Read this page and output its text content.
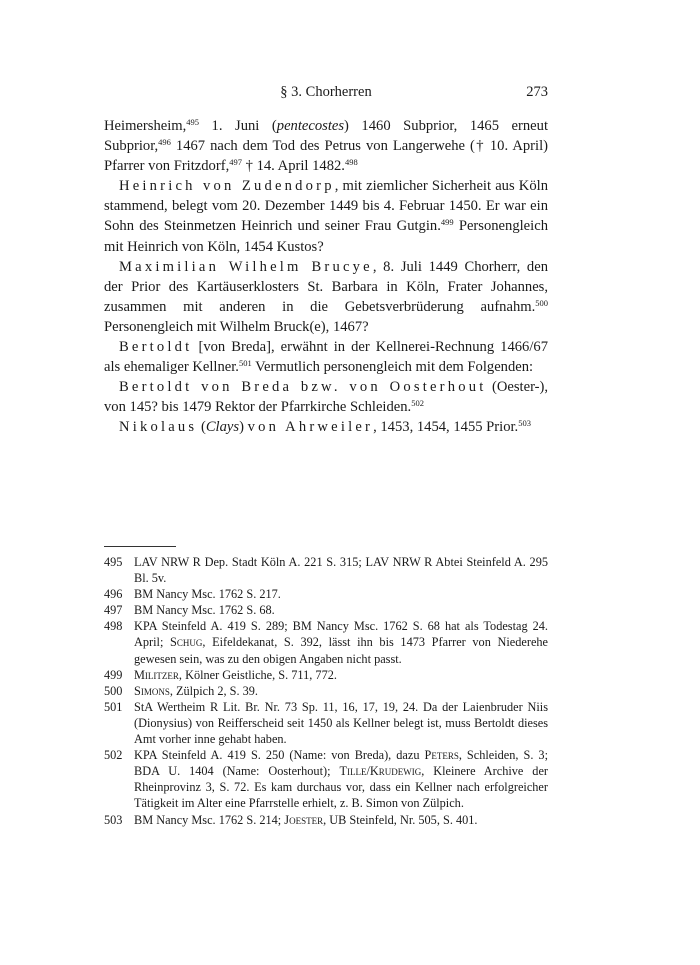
§ 3. Chorherren	273

Heimersheim,$^{495}$ 1. Juni (pentecostes) 1460 Subprior, 1465 erneut Subprior,$^{496}$ 1467 nach dem Tod des Petrus von Langerwehe († 10. April) Pfarrer von Fritzdorf,$^{497}$ † 14. April 1482.$^{498}$

Heinrich von Zudendorp, mit ziemlicher Sicherheit aus Köln stammend, belegt vom 20. Dezember 1449 bis 4. Februar 1450. Er war ein Sohn des Steinmetzen Heinrich und seiner Frau Gutgin.$^{499}$ Personengleich mit Heinrich von Köln, 1454 Kustos?

Maximilian Wilhelm Brucye, 8. Juli 1449 Chorherr, den der Prior des Kartäuserklosters St. Barbara in Köln, Frater Johannes, zusammen mit anderen in die Gebetsverbrüderung aufnahm.$^{500}$ Personengleich mit Wilhelm Bruck(e), 1467?

Bertoldt [von Breda], erwähnt in der Kellnerei-Rechnung 1466/67 als ehemaliger Kellner.$^{501}$ Vermutlich personengleich mit dem Folgenden:

Bertoldt von Breda bzw. von Oosterhout (Oester-), von 145? bis 1479 Rektor der Pfarrkirche Schleiden.$^{502}$

Nikolaus (Clays) von Ahrweiler, 1453, 1454, 1455 Prior.$^{503}$

495 LAV NRW R Dep. Stadt Köln A. 221 S. 315; LAV NRW R Abtei Steinfeld A. 295 Bl. 5v.
496 BM Nancy Msc. 1762 S. 217.
497 BM Nancy Msc. 1762 S. 68.
498 KPA Steinfeld A. 419 S. 289; BM Nancy Msc. 1762 S. 68 hat als Todestag 24. April; Schug, Eifeldekanat, S. 392, lässt ihn bis 1473 Pfarrer von Niederehe gewesen sein, was zu den obigen Angaben nicht passt.
499 Militzer, Kölner Geistliche, S. 711, 772.
500 Simons, Zülpich 2, S. 39.
501 StA Wertheim R Lit. Br. Nr. 73 Sp. 11, 16, 17, 19, 24. Da der Laienbruder Niis (Dionysius) von Reifferscheid seit 1450 als Kellner belegt ist, muss Bertoldt dieses Amt vorher inne gehabt haben.
502 KPA Steinfeld A. 419 S. 250 (Name: von Breda), dazu Peters, Schleiden, S. 3; BDA U. 1404 (Name: Oosterhout); Tille/Krudewig, Kleinere Archive der Rheinprovinz 3, S. 72. Es kam durchaus vor, dass ein Kellner nach erfolgreicher Tätigkeit im Alter eine Pfarrstelle erhielt, z. B. Simon von Zülpich.
503 BM Nancy Msc. 1762 S. 214; Joester, UB Steinfeld, Nr. 505, S. 401.
